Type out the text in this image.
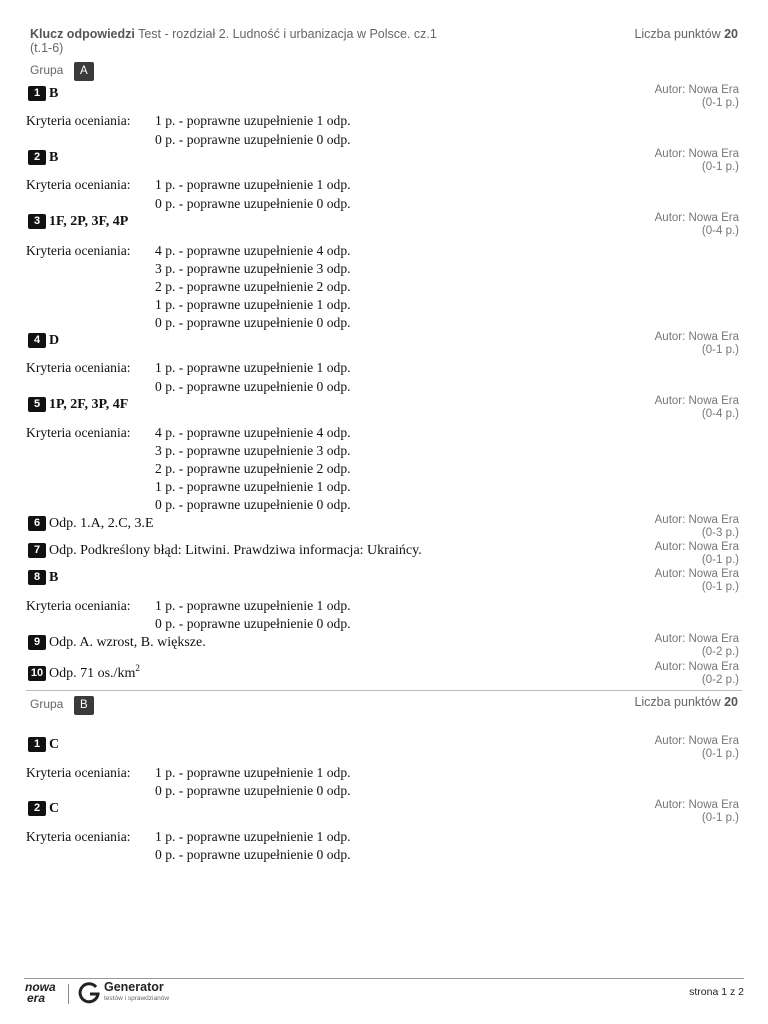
Klucz odpowiedzi Test - rozdział 2. Ludność i urbanizacja w Polsce. cz.1
(t.1-6)
Liczba punktów 20
Grupa A
1 B	Autor: Nowa Era
(0-1 p.)
Kryteria oceniania: 1 p. - poprawne uzupełnienie 1 odp.
0 p. - poprawne uzupełnienie 0 odp.
2 B	Autor: Nowa Era
(0-1 p.)
Kryteria oceniania: 1 p. - poprawne uzupełnienie 1 odp.
0 p. - poprawne uzupełnienie 0 odp.
3 1F, 2P, 3F, 4P	Autor: Nowa Era
(0-4 p.)
Kryteria oceniania: 4 p. - poprawne uzupełnienie 4 odp.
3 p. - poprawne uzupełnienie 3 odp.
2 p. - poprawne uzupełnienie 2 odp.
1 p. - poprawne uzupełnienie 1 odp.
0 p. - poprawne uzupełnienie 0 odp.
4 D	Autor: Nowa Era
(0-1 p.)
Kryteria oceniania: 1 p. - poprawne uzupełnienie 1 odp.
0 p. - poprawne uzupełnienie 0 odp.
5 1P, 2F, 3P, 4F	Autor: Nowa Era
(0-4 p.)
Kryteria oceniania: 4 p. - poprawne uzupełnienie 4 odp.
3 p. - poprawne uzupełnienie 3 odp.
2 p. - poprawne uzupełnienie 2 odp.
1 p. - poprawne uzupełnienie 1 odp.
0 p. - poprawne uzupełnienie 0 odp.
6 Odp. 1.A, 2.C, 3.E	Autor: Nowa Era
(0-3 p.)
7 Odp. Podkreślony błąd: Litwini. Prawdziwa informacja: Ukraińcy.	Autor: Nowa Era
(0-1 p.)
8 B	Autor: Nowa Era
(0-1 p.)
Kryteria oceniania: 1 p. - poprawne uzupełnienie 1 odp.
0 p. - poprawne uzupełnienie 0 odp.
9 Odp. A. wzrost, B. większe.	Autor: Nowa Era
(0-2 p.)
10 Odp. 71 $os./km^2$	Autor: Nowa Era
(0-2 p.)
Grupa B	Liczba punktów 20
1 C	Autor: Nowa Era
(0-1 p.)
Kryteria oceniania: 1 p. - poprawne uzupełnienie 1 odp.
0 p. - poprawne uzupełnienie 0 odp.
2 C	Autor: Nowa Era
(0-1 p.)
Kryteria oceniania: 1 p. - poprawne uzupełnienie 1 odp.
0 p. - poprawne uzupełnienie 0 odp.
nowa
era
Generator
testów i sprawdzianów
strona 1 z 2
